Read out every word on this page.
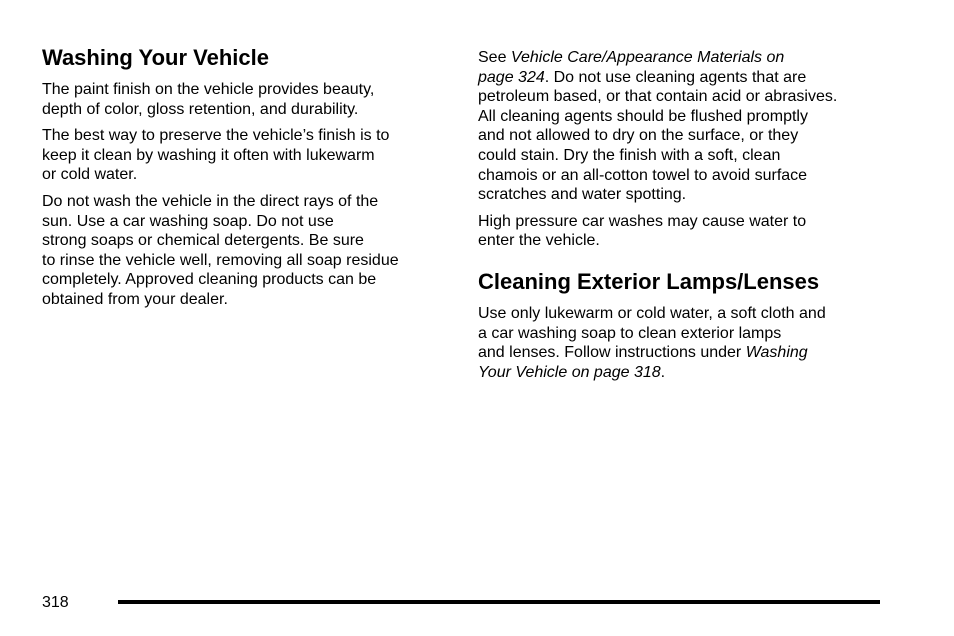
Washing Your Vehicle

The paint finish on the vehicle provides beauty,
depth of color, gloss retention, and durability.

The best way to preserve the vehicle’s finish is to
keep it clean by washing it often with lukewarm
or cold water.

Do not wash the vehicle in the direct rays of the
sun. Use a car washing soap. Do not use
strong soaps or chemical detergents. Be sure
to rinse the vehicle well, removing all soap residue
completely. Approved cleaning products can be
obtained from your dealer.

See Vehicle Care/Appearance Materials on
page 324. Do not use cleaning agents that are
petroleum based, or that contain acid or abrasives.
All cleaning agents should be flushed promptly
and not allowed to dry on the surface, or they
could stain. Dry the finish with a soft, clean
chamois or an all-cotton towel to avoid surface
scratches and water spotting.

High pressure car washes may cause water to
enter the vehicle.

Cleaning Exterior Lamps/Lenses

Use only lukewarm or cold water, a soft cloth and
a car washing soap to clean exterior lamps
and lenses. Follow instructions under Washing
Your Vehicle on page 318.

318
